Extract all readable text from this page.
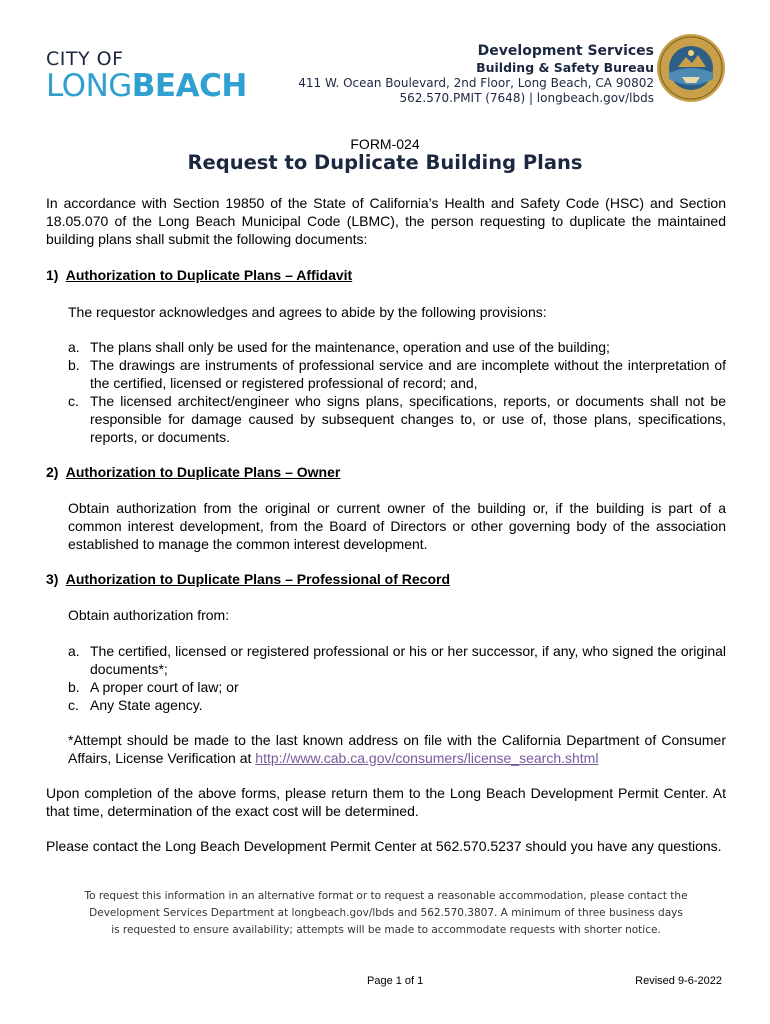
CITY OF
LONGBEACH
Development Services
Building & Safety Bureau
411 W. Ocean Boulevard, 2nd Floor, Long Beach, CA 90802
562.570.PMIT (7648) | longbeach.gov/lbds
FORM-024
Request to Duplicate Building Plans
In accordance with Section 19850 of the State of California’s Health and Safety Code (HSC) and Section 18.05.070 of the Long Beach Municipal Code (LBMC), the person requesting to duplicate the maintained building plans shall submit the following documents:
1) Authorization to Duplicate Plans – Affidavit
The requestor acknowledges and agrees to abide by the following provisions:
a. The plans shall only be used for the maintenance, operation and use of the building;
b. The drawings are instruments of professional service and are incomplete without the interpretation of the certified, licensed or registered professional of record; and,
c. The licensed architect/engineer who signs plans, specifications, reports, or documents shall not be responsible for damage caused by subsequent changes to, or use of, those plans, specifications, reports, or documents.
2) Authorization to Duplicate Plans – Owner
Obtain authorization from the original or current owner of the building or, if the building is part of a common interest development, from the Board of Directors or other governing body of the association established to manage the common interest development.
3) Authorization to Duplicate Plans – Professional of Record
Obtain authorization from:
a. The certified, licensed or registered professional or his or her successor, if any, who signed the original documents*;
b. A proper court of law; or
c. Any State agency.
*Attempt should be made to the last known address on file with the California Department of Consumer Affairs, License Verification at http://www.cab.ca.gov/consumers/license_search.shtml
Upon completion of the above forms, please return them to the Long Beach Development Permit Center. At that time, determination of the exact cost will be determined.
Please contact the Long Beach Development Permit Center at 562.570.5237 should you have any questions.
To request this information in an alternative format or to request a reasonable accommodation, please contact the
Development Services Department at longbeach.gov/lbds and 562.570.3807. A minimum of three business days
is requested to ensure availability; attempts will be made to accommodate requests with shorter notice.
Page 1 of 1	Revised 9-6-2022
